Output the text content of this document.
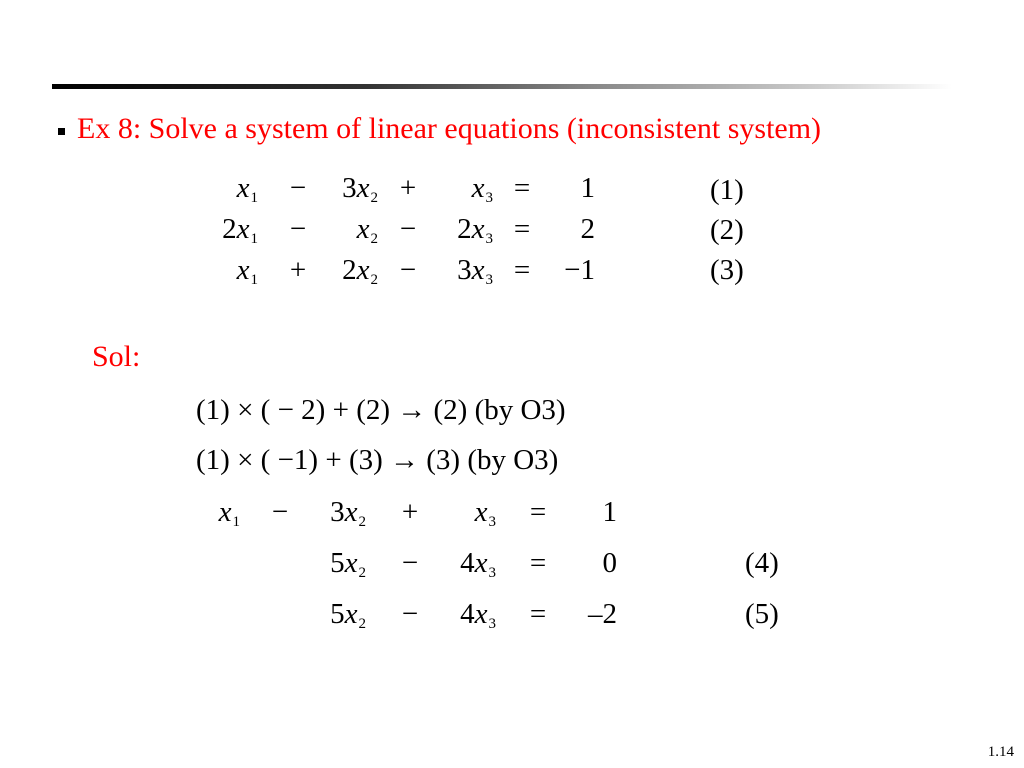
Ex 8: Solve a system of linear equations (inconsistent system)
$x_1$ −	$3x_2$ +	$x_3$ =	1	(1)
$2x_1$ −	$x_2$ −	$2x_3$ =	2	(2)
$x_1$ +	$2x_2$ −	$3x_3$ =	−1	(3)
Sol:
(1) × ( − 2) + (2) → (2) (by O3)
(1) × ( −1) + (3) → (3) (by O3)
$x_1$ −	$3x_2$ +	$x_3$ =	1
$5x_2$ −	$4x_3$ =	0	(4)
$5x_2$ −	$4x_3$ =	–2	(5)
1.14
